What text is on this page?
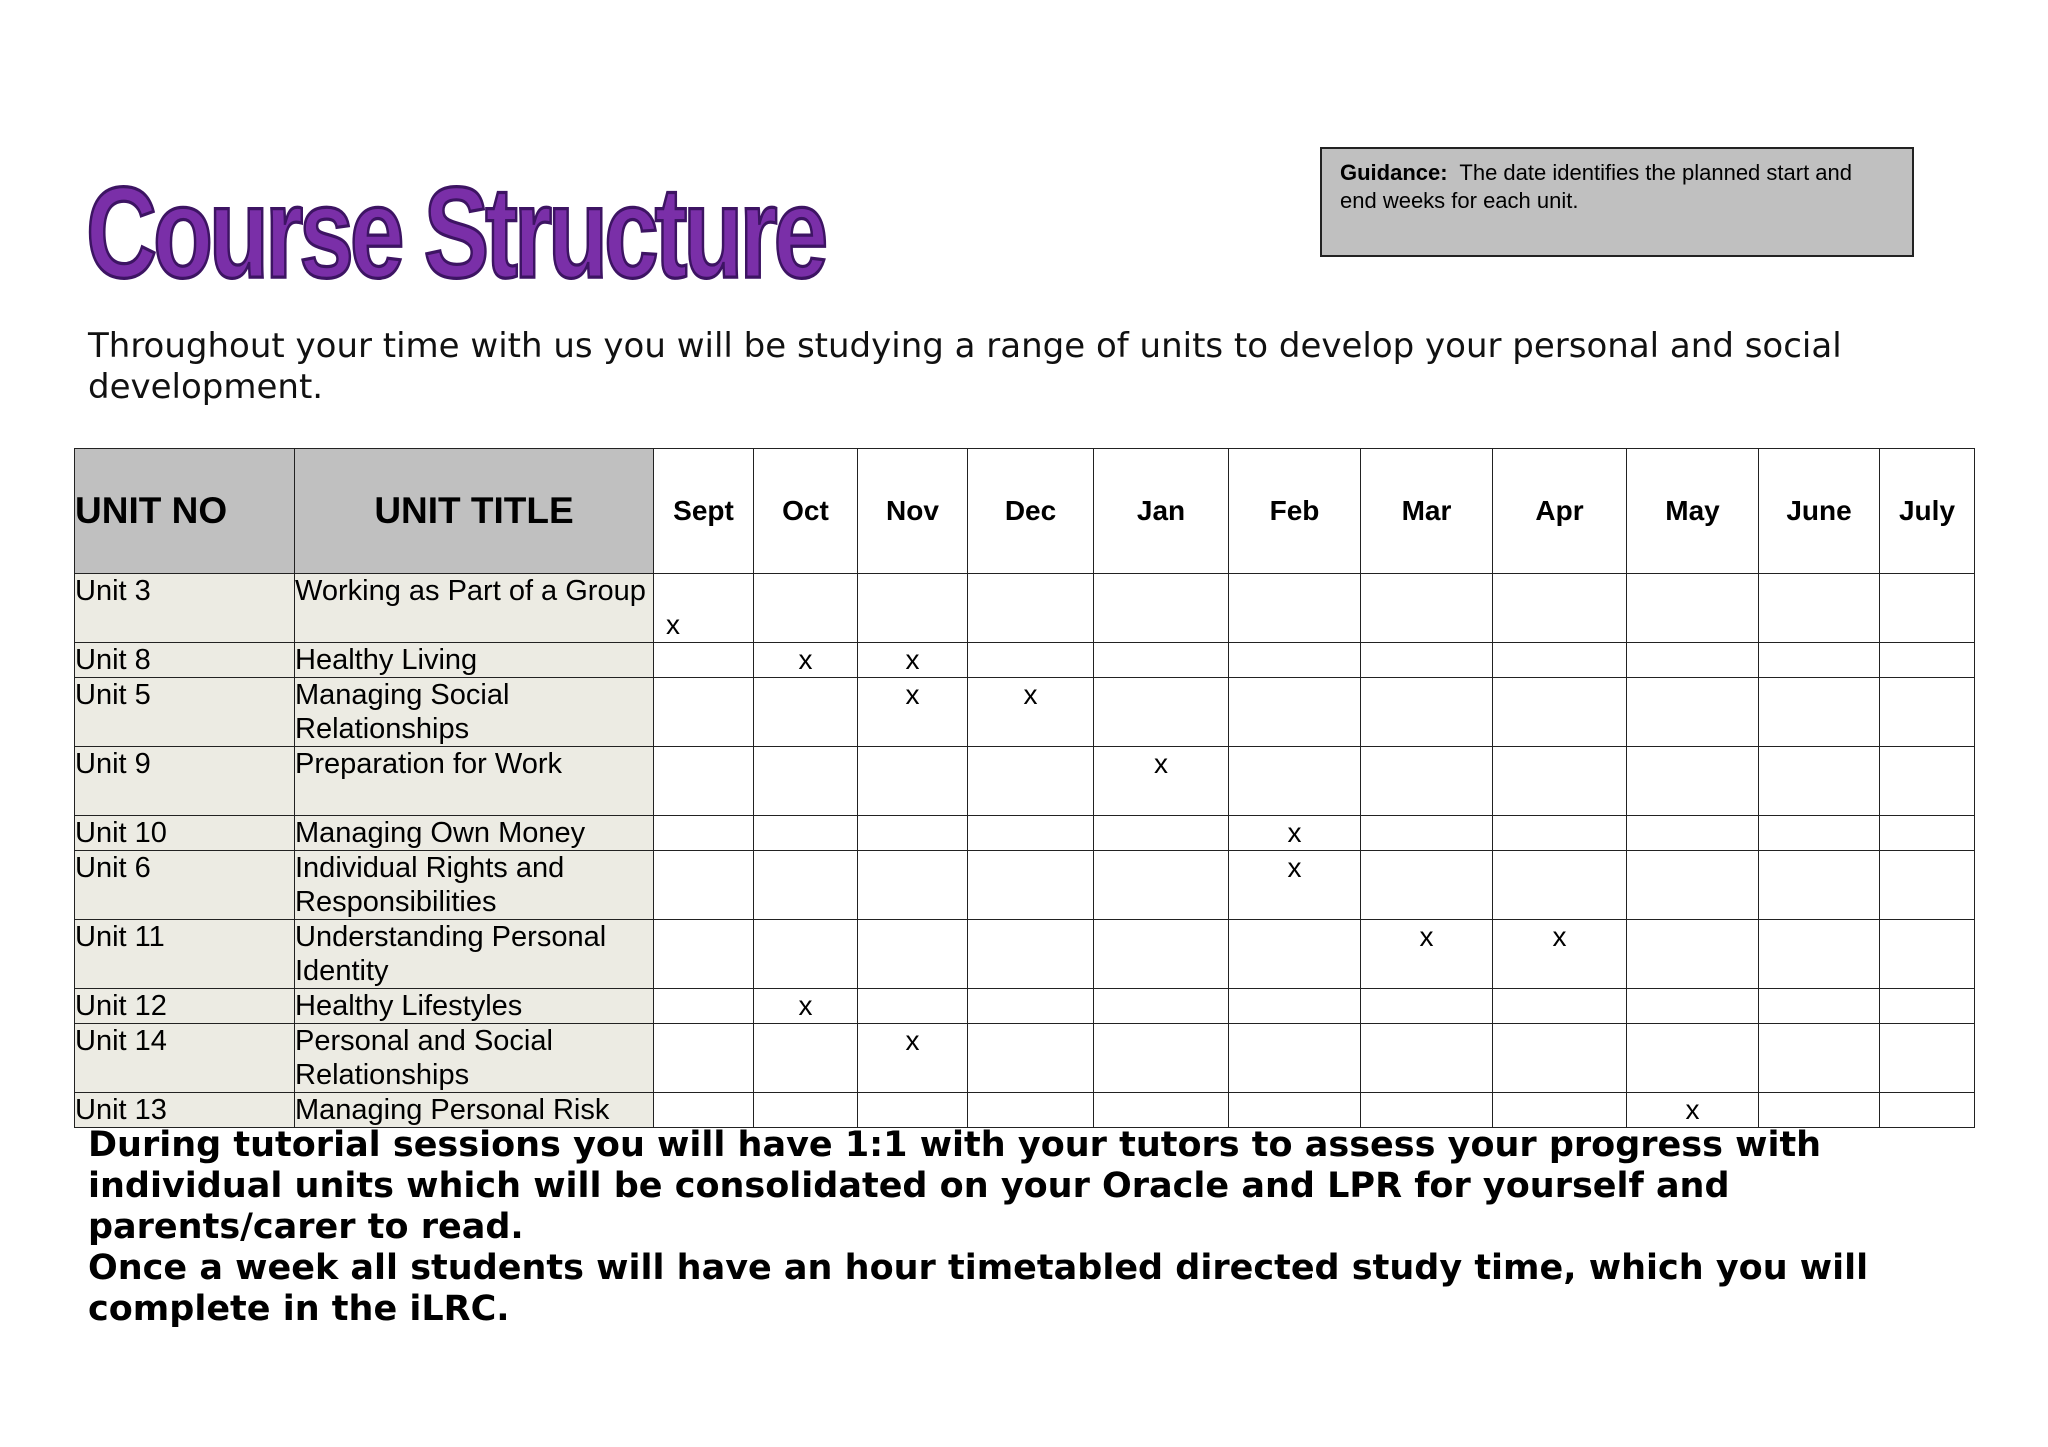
Course Structure	Guidance: The date identifies the planned start and end weeks for each unit.
Throughout your time with us you will be studying a range of units to develop your personal and social development.
UNIT NO	UNIT TITLE	Sept	Oct	Nov	Dec	Jan	Feb	Mar	Apr	May	June	July
Unit 3	Working as Part of a Group	x										

Unit 8	Healthy Living		x	x								

Unit 5	Managing Social Relationships			x	x							

Unit 9	Preparation for Work					x						

Unit 10	Managing Own Money						x					

Unit 6	Individual Rights and Responsibilities						x					

Unit 11	Understanding Personal Identity							x	x			

Unit 12	Healthy Lifestyles		x									

Unit 14	Personal and Social Relationships			x								

Unit 13	Managing Personal Risk									x		

During tutorial sessions you will have 1:1 with your tutors to assess your progress with individual units which will be consolidated on your Oracle and LPR for yourself and parents/carer to read.

Once a week all students will have an hour timetabled directed study time, which you will complete in the iLRC.
